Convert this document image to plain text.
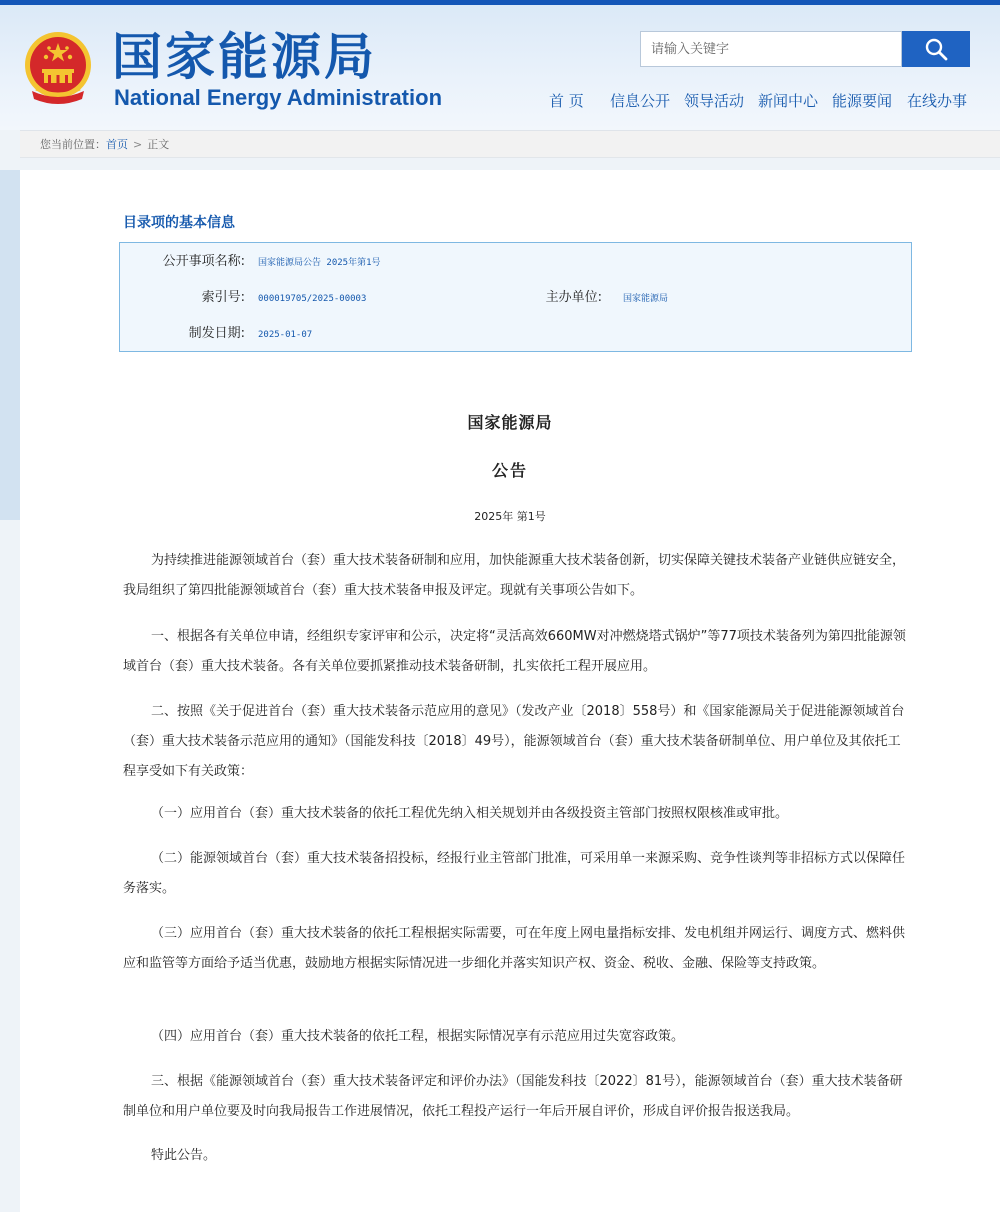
国家能源局
National Energy Administration
请输入关键字	首 页 信息公开 领导活动 新闻中心 能源要闻 在线办事
您当前位置：首页 > 正文
目录项的基本信息
公开事项名称: 国家能源局公告 2025年第1号
索引号: 000019705/2025-00003	主办单位: 国家能源局
制发日期: 2025-01-07
国家能源局
公告
2025年 第1号

为持续推进能源领域首台（套）重大技术装备研制和应用，加快能源重大技术装备创新，切实保障关键技术装备产业链供应链安全，我局组织了第四批能源领域首台（套）重大技术装备申报及评定。现就有关事项公告如下。

一、根据各有关单位申请，经组织专家评审和公示，决定将“灵活高效660MW对冲燃烧塔式锅炉”等77项技术装备列为第四批能源领域首台（套）重大技术装备。各有关单位要抓紧推动技术装备研制，扎实依托工程开展应用。

二、按照《关于促进首台（套）重大技术装备示范应用的意见》（发改产业〔2018〕558号）和《国家能源局关于促进能源领域首台（套）重大技术装备示范应用的通知》（国能发科技〔2018〕49号），能源领域首台（套）重大技术装备研制单位、用户单位及其依托工程享受如下有关政策：

（一）应用首台（套）重大技术装备的依托工程优先纳入相关规划并由各级投资主管部门按照权限核准或审批。

（二）能源领域首台（套）重大技术装备招投标，经报行业主管部门批准，可采用单一来源采购、竞争性谈判等非招标方式以保障任务落实。

（三）应用首台（套）重大技术装备的依托工程根据实际需要，可在年度上网电量指标安排、发电机组并网运行、调度方式、燃料供应和监管等方面给予适当优惠，鼓励地方根据实际情况进一步细化并落实知识产权、资金、税收、金融、保险等支持政策。

（四）应用首台（套）重大技术装备的依托工程，根据实际情况享有示范应用过失宽容政策。

三、根据《能源领域首台（套）重大技术装备评定和评价办法》（国能发科技〔2022〕81号），能源领域首台（套）重大技术装备研制单位和用户单位要及时向我局报告工作进展情况，依托工程投产运行一年后开展自评价，形成自评价报告报送我局。

特此公告。
